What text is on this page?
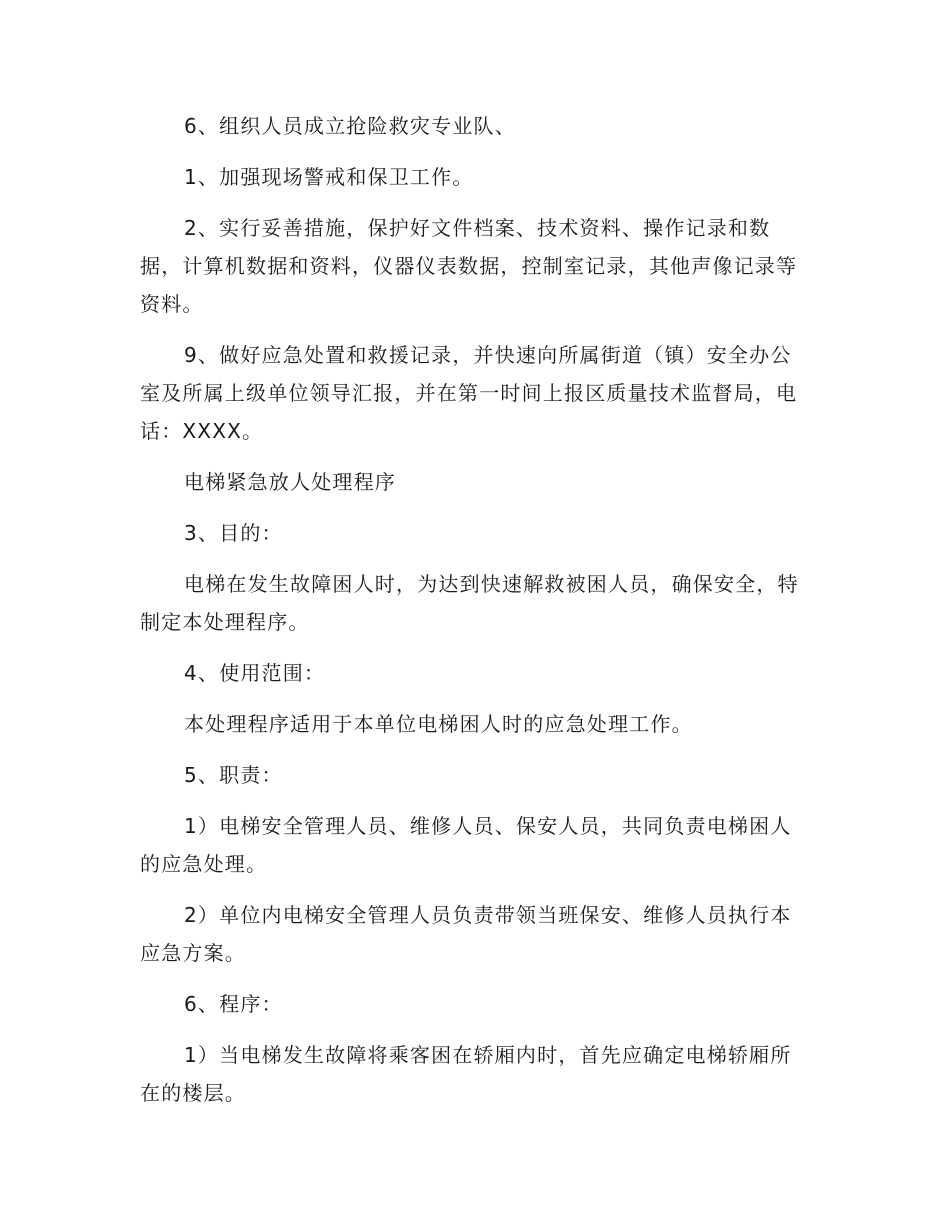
6、组织人员成立抢险救灾专业队、

1、加强现场警戒和保卫工作。

2、实行妥善措施，保护好文件档案、技术资料、操作记录和数据，计算机数据和资料，仪器仪表数据，控制室记录，其他声像记录等资料。

9、做好应急处置和救援记录，并快速向所属街道（镇）安全办公室及所属上级单位领导汇报，并在第一时间上报区质量技术监督局，电话：XXXX。

电梯紧急放人处理程序

3、目的：

电梯在发生故障困人时，为达到快速解救被困人员，确保安全，特制定本处理程序。

4、使用范围：

本处理程序适用于本单位电梯困人时的应急处理工作。

5、职责：

1）电梯安全管理人员、维修人员、保安人员，共同负责电梯困人的应急处理。

2）单位内电梯安全管理人员负责带领当班保安、维修人员执行本应急方案。

6、程序：

1）当电梯发生故障将乘客困在轿厢内时，首先应确定电梯轿厢所在的楼层。
